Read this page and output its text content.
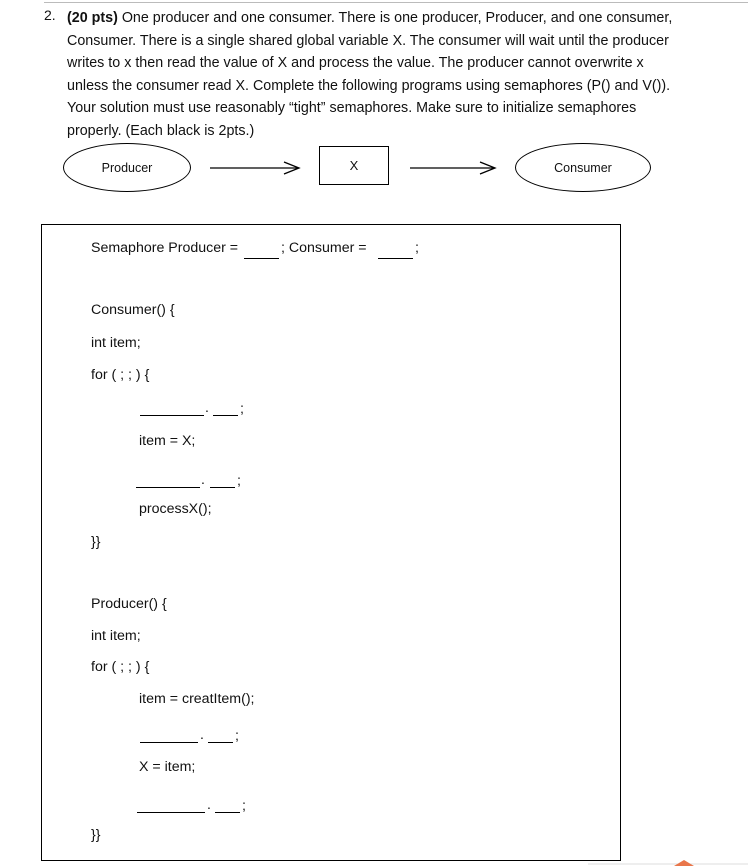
2. (20 pts) One producer and one consumer. There is one producer, Producer, and one consumer, Consumer. There is a single shared global variable X. The consumer will wait until the producer writes to x then read the value of X and process the value. The producer cannot overwrite x unless the consumer read X. Complete the following programs using semaphores (P() and V()). Your solution must use reasonably “tight” semaphores. Make sure to initialize semaphores properly. (Each black is 2pts.)
Producer	X	Consumer
Semaphore Producer =	; Consumer =	;
Consumer() {
int item;
for ( ; ; ) {
. ;
item = X;
. ;
processX();
}}
Producer() {
int item;
for ( ; ; ) {
item = creatItem();
. ;
X = item;
. ;
}}
